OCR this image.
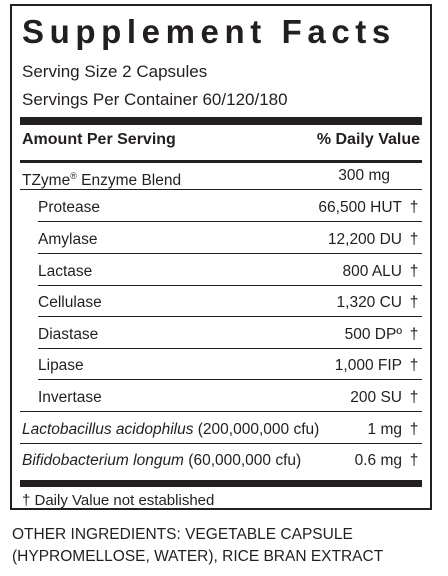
Supplement Facts
Serving Size 2 Capsules
Servings Per Container 60/120/180
Amount Per Serving	% Daily Value
TZyme® Enzyme Blend	300 mg
Protease	66,500 HUT †
Amylase	12,200 DU †
Lactase	800 ALU †
Cellulase	1,320 CU †
Diastase	500 DPº †
Lipase	1,000 FIP †
Invertase	200 SU †
Lactobacillus acidophilus (200,000,000 cfu)	1 mg †
Bifidobacterium longum (60,000,000 cfu)	0.6 mg †
† Daily Value not established
OTHER INGREDIENTS: VEGETABLE CAPSULE
(HYPROMELLOSE, WATER), RICE BRAN EXTRACT
